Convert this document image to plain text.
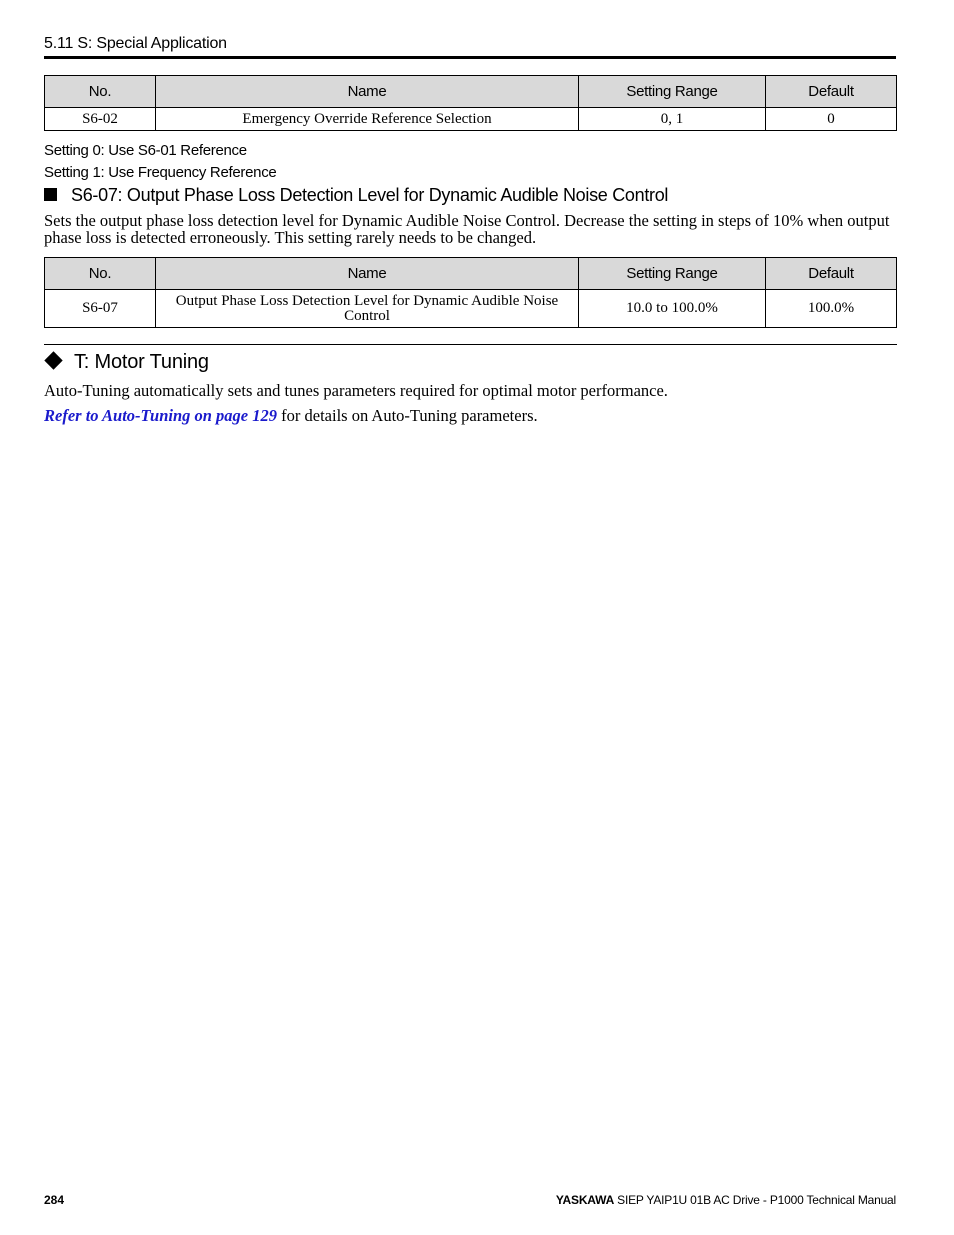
5.11 S: Special Application
No.	Name	Setting Range	Default
S6-02	Emergency Override Reference Selection	0, 1	0
Setting 0: Use S6-01 Reference
Setting 1: Use Frequency Reference
S6-07: Output Phase Loss Detection Level for Dynamic Audible Noise Control
Sets the output phase loss detection level for Dynamic Audible Noise Control. Decrease the setting in steps of 10% when output phase loss is detected erroneously. This setting rarely needs to be changed.
No.	Name	Setting Range	Default
S6-07	Output Phase Loss Detection Level for Dynamic Audible Noise Control	10.0 to 100.0%	100.0%
T: Motor Tuning
Auto-Tuning automatically sets and tunes parameters required for optimal motor performance.
Refer to Auto-Tuning on page 129 for details on Auto-Tuning parameters.
284	YASKAWA SIEP YAIP1U 01B AC Drive - P1000 Technical Manual
